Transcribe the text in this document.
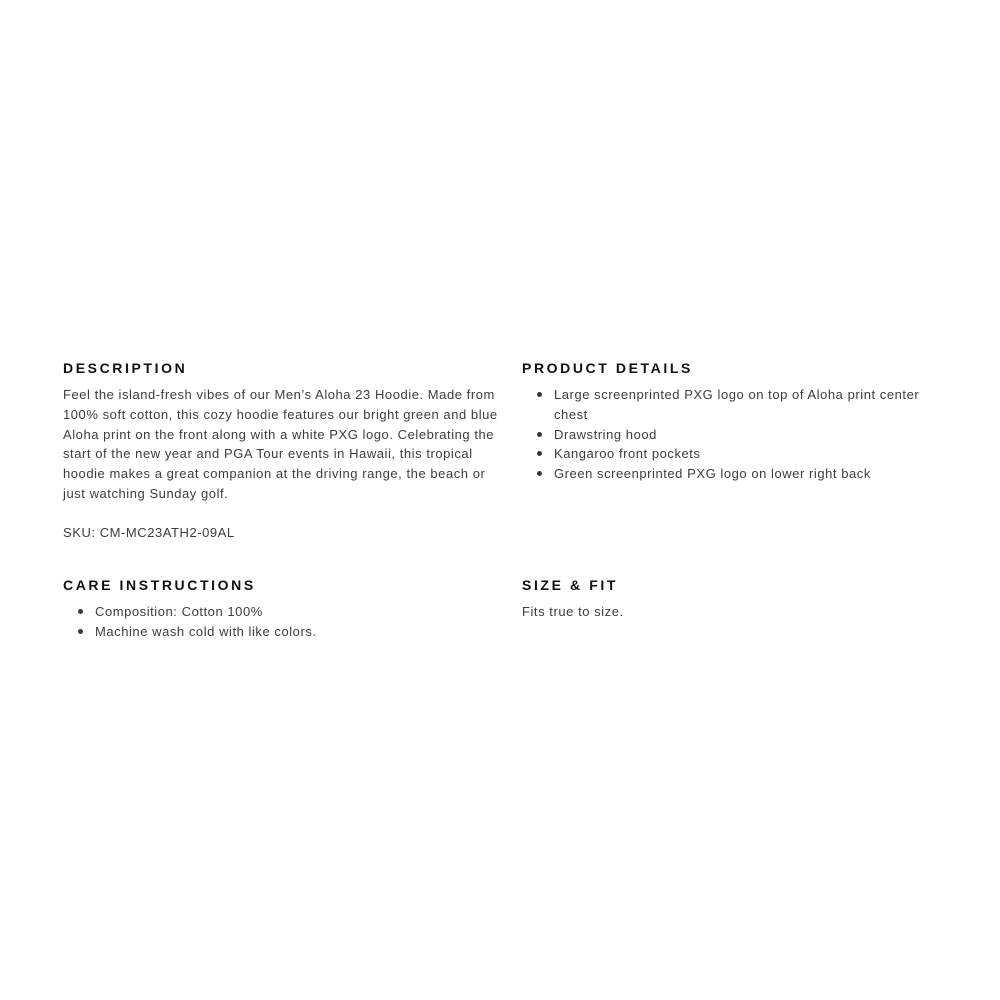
DESCRIPTION

Feel the island-fresh vibes of our Men’s Aloha 23 Hoodie. Made from 100% soft cotton, this cozy hoodie features our bright green and blue Aloha print on the front along with a white PXG logo. Celebrating the start of the new year and PGA Tour events in Hawaii, this tropical hoodie makes a great companion at the driving range, the beach or just watching Sunday golf.

SKU: CM-MC23ATH2-09AL

PRODUCT DETAILS
Large screenprinted PXG logo on top of Aloha print center chest
Drawstring hood
Kangaroo front pockets
Green screenprinted PXG logo on lower right back
CARE INSTRUCTIONS
Composition: Cotton 100%
Machine wash cold with like colors.
SIZE & FIT

Fits true to size.
